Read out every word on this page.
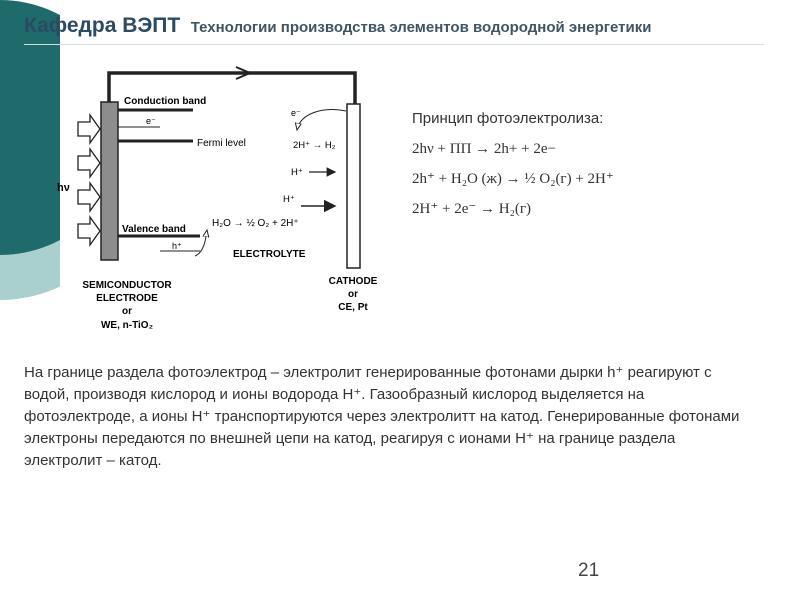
Кафедра ВЭПТ Технологии производства элементов водородной энергетики
Conduction band
e⁻
Fermi level
Valence band
h⁺
hν
H₂O → ½ O₂ + 2H⁺
ELECTROLYTE
e⁻
2H⁺ → H₂
H⁺
H⁺
SEMICONDUCTOR
ELECTRODE
or
WE, n-TiO₂
CATHODE
or
CE, Pt
Принцип фотоэлектролиза:
2hν + ПП → 2h+ + 2e−
2h⁺ + H₂O (ж) → ½ O₂(г) + 2H⁺
2H⁺ + 2e⁻ → H₂(г)
На границе раздела фотоэлектрод – электролит генерированные фотонами дырки h⁺ реагируют с водой, производя кислород и ионы водорода H⁺. Газообразный кислород выделяется на фотоэлектроде, а ионы H⁺ транспортируются через электролитт на катод. Генерированные фотонами электроны передаются по внешней цепи на катод, реагируя с ионами H⁺ на границе раздела электролит – катод.
21
